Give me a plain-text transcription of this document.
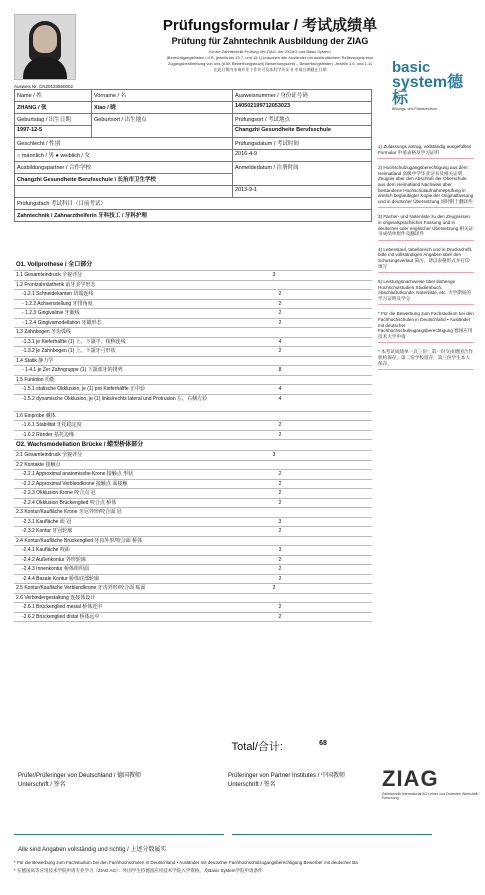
Prüfungsformular / 考试成绩单
Prüfung für Zahntechnik Ausbildung der ZIAG
für die Zahntechnik Prüfung der ZIAG, der ZIGAG und Basic System
(Berechtigungsfristen i.d.R. jeweils bis 15.7. und 15.1) brauchen alle Ausländer mit ausländischem Reifezeugnis eine
Zugangsbestimmung von uns (ASK Bewerbungsbuch) Bewerbungszeit) – Bewerbungsfristen: Jeweils 1.6. und 1.11
在此日期内申请专业工作许可及本科学历证书 申请日期截止日期
Ausweis Nr. CN20133550002
basic
system德标
Bildungs- und Praxiszentrum
Name / 姓	Vorname / 名	Ausweisnummer / 身份证号码
ZHANG / 张	Xiao / 晓	140502199712053023
Geburtstag / 出生日期	Geburtsort / 出生地点	Prüfungsort / 考试地点
1997-12-5		Changzhi Gesundheite Berufsschule
Geschlecht / 性别		Prüfungsdatum / 考试时间
○ männlich / 男 ● weiblich / 女		2016-4-9
Ausbildungspartner / 合作学校		Anmeldedatum / 注册时间
Changzhi Gesundheite Berufsschule \ 长治市卫生学校		
		2013-9-1
Prüfungsfach 考试科目（目前考试）		
Zahntechnik / Zahnarzthelferin 牙科技工 / 牙科护理		
O1. Vollprothese / 全口部分
1.1 Gesamteindruck 全貌评分	3
1.2 Frontzahnästhetik 前牙美学形态
-1.2.1 Schneidekanten 切端连线	2
- 1.2.2 Achsenstellung 牙排角度	2
- 1.2.3 Gingivalinie 牙龈线	2
- 1.2.4 Gingivamodellation 牙龈形态	2
1.3 Zahnbogen 牙齿弧线
-1.3.1 je Kieferhälfte (1) 上、下颌半、相称连线	4
-1.3.2 je Zahnbogen (1) 上、下颌牙弓形状	2
1.4 Statik 静力学
- 1.4.1 je Zer Zahngruppe (1) 下颌部牙的排列	8
1.5 Funktion 功能
-1.5.1 statische Okklusion, je (1) pro Kieferhälfte 正中验	4
-1.5.2 dynamische Okklusion, je (1) links/rechts lateral und Protrusion 左、右侧方验	4
1.6 Einprobe 戴体
-1.6.1 Stabilität 牙托稳定度	2
-1.6.2 Ränder 基托边缘	2
O2. Wachsmodellation Brücke / 蜡型桥体部分
2.1 Gesamteindruck 全貌评分	3
2.2 Kontakte 接触点
-2.2.1 Approximal anatomische Krone 接触点 形状	2
-2.2.2 Approximal Verblendkrone 接触点 面接触	2
-2.2.3 Okklusion Krone 咬合点 冠	2
-2.2.4 Okklusion Brückenglied 咬合点 桥体	2
2.3 Kontur/Kaufläche Krone 牙冠外形/咬合面 冠
-2.3.1 Kaufläche 面 冠	3
-2.3.2 Kontur 牙冠轮廓	2
2.4 Kontur/Kaufläche Brückenglied 牙齿外形/咬合面 桥体
-2.4.1 Kaufläche 咬面	3
-2.4.2 Außenkontur 外形轮廓	2
-2.4.3 Innenkontur 桥体组织面	2
-2.4.4 Basale Kontur 桥体底部轮廓	2
2.5 Kontur/Kaufläche Verblendkrone 牙齿外形/咬合面 贴面	2
2.6 Verbindergestaltung 连接体设计
-2.6.1 Brückenglied mesial 桥体近中	2
-2.6.2 Brückenglied distal 桥体远中	2
Total/合计:	68

1) Zulassungs antrag, vollständig ausgefülltes Formular 申请表格及学习证明

2) Hochschulzugangsberechtigung aus dem Heimatland 高级中学毕业证书及相关证明 Zeugnis über den Abschluß der Oberschule aus dem Heimatland Nachweis über bestandene Hochschulaufnahmeprüfung in amtlich beglaubigter Kopie der Originalfassung und in deutscher Übersetzung 同时附上翻译件

3) Fächer- und Notenliste zu den Zeugnissen in originalsprachlicher Fassung und in deutscher oder englischer Übersetzung 相关证书成绩单原件及翻译件

4) Lebenslauf, tabellarisch und in Druckschrift, bitte mit vollständigen Angaben über den Schulungsverlauf 简历，请以表格形式并打印填写

5) Leistungsnachweise über bisherige Hochschulstudien Studienbuch, Abschlußurkunde, Notenliste, etc. 大学期间的学习证明及学分

* Für die Bewerbung zum Fachstudium bei den Fachhochschulen in Deutschland • Ausländer mit deutscher Fachhochschulzugangsberechtigung 德国应用技术大学申请

* 本考试成绩单一式三份：第一份交由德国合作机构保存，第二份学校留存，第三份学生本人保存。

Prüfer/Prüferinger von Deutschland / 德国教师
Unterschrift / 签名
Prüferinger von Partner Institutes / 中国教师
Unterschrift / 签名	ZIAG
Zahntechnik International AG Lehrer und Dozenten Wirtschaft / Forschung
Alle sind Angaben vollständig und richtig / 上述分数属实
* Für die Bewerbung zum Fachstudium bei den Fachhochschulen in Deutschland • Ausländer mit deutscher Fachhochschulzugangsberechtigung Bewerber mit deutscher Ba
* 在德国高等应用技术学院申请专业学习（ZIAG AG）：外国学生持德国应用技术学院入学资格，及Basic System学院申请条件
